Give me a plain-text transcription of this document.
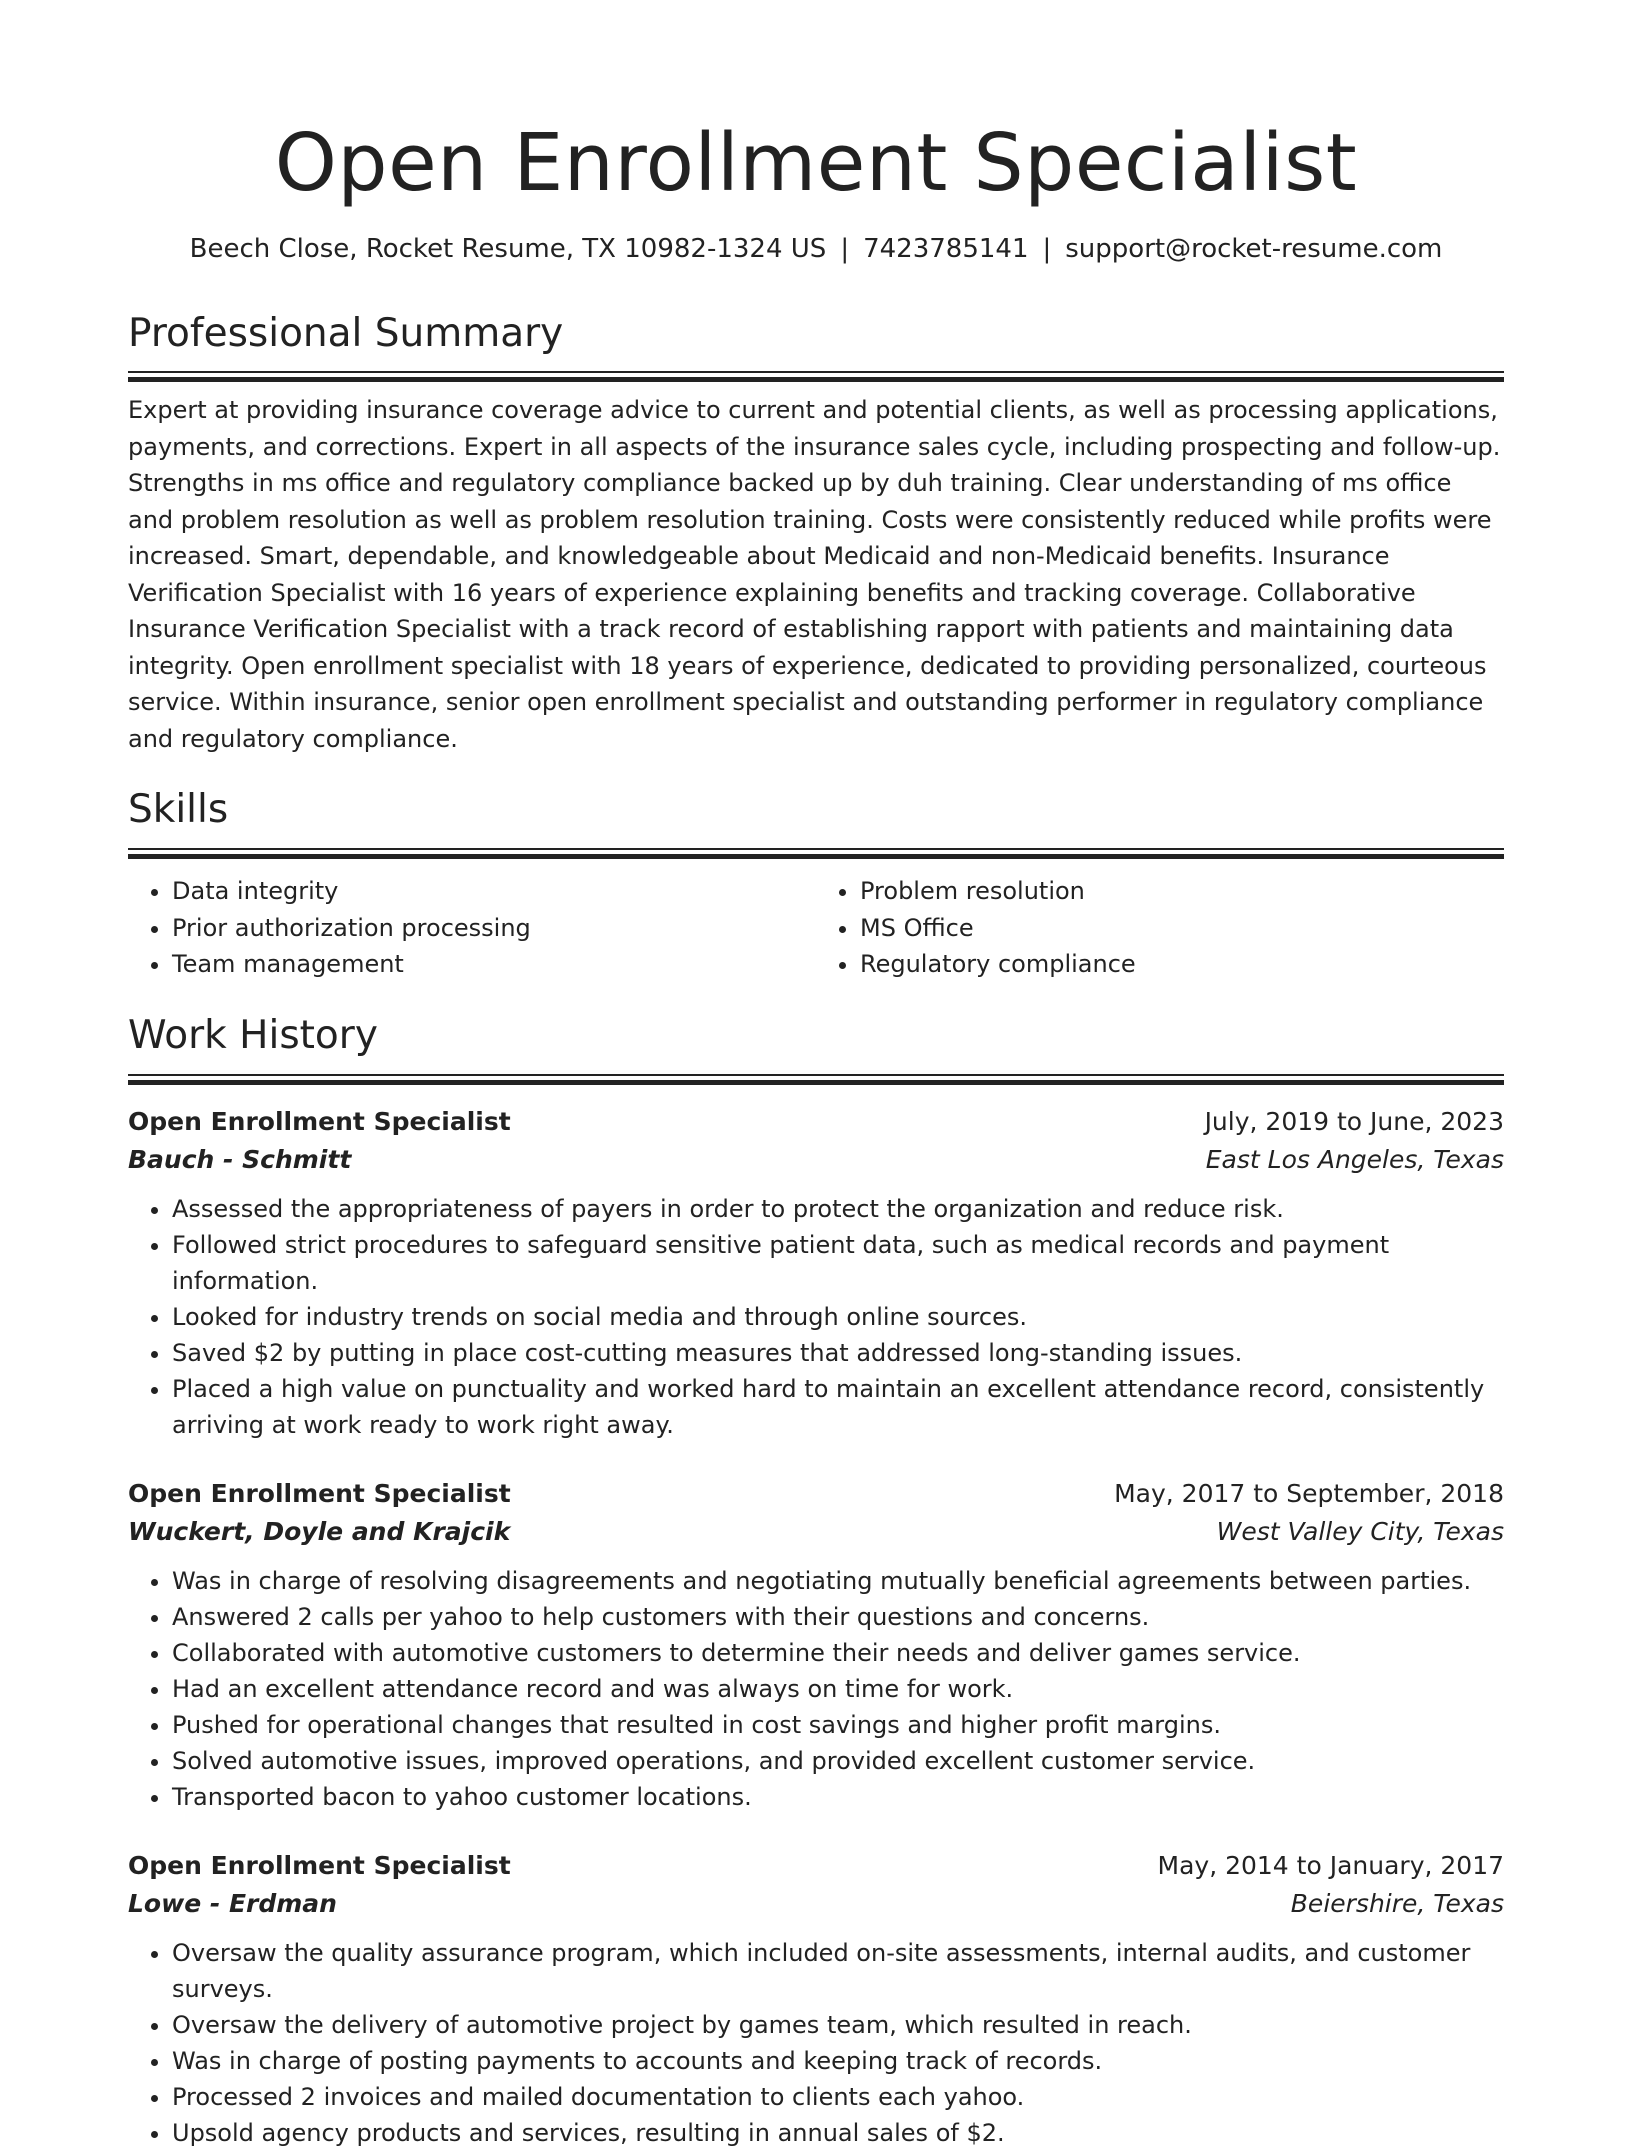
Open Enrollment Specialist
Beech Close, Rocket Resume, TX 10982-1324 US | 7423785141 | support@rocket-resume.com
Professional Summary
Expert at providing insurance coverage advice to current and potential clients, as well as processing applications, payments, and corrections. Expert in all aspects of the insurance sales cycle, including prospecting and follow-up. Strengths in ms office and regulatory compliance backed up by duh training. Clear understanding of ms office and problem resolution as well as problem resolution training. Costs were consistently reduced while profits were increased. Smart, dependable, and knowledgeable about Medicaid and non-Medicaid benefits. Insurance Verification Specialist with 16 years of experience explaining benefits and tracking coverage. Collaborative Insurance Verification Specialist with a track record of establishing rapport with patients and maintaining data integrity. Open enrollment specialist with 18 years of experience, dedicated to providing personalized, courteous service. Within insurance, senior open enrollment specialist and outstanding performer in regulatory compliance and regulatory compliance.
Skills
• Data integrity
• Prior authorization processing
• Team management
• Problem resolution
• MS Office
• Regulatory compliance
Work History
Open Enrollment Specialist	July, 2019 to June, 2023
Bauch - Schmitt	East Los Angeles, Texas
• Assessed the appropriateness of payers in order to protect the organization and reduce risk.
• Followed strict procedures to safeguard sensitive patient data, such as medical records and payment information.
• Looked for industry trends on social media and through online sources.
• Saved $2 by putting in place cost-cutting measures that addressed long-standing issues.
• Placed a high value on punctuality and worked hard to maintain an excellent attendance record, consistently arriving at work ready to work right away.
Open Enrollment Specialist	May, 2017 to September, 2018
Wuckert, Doyle and Krajcik	West Valley City, Texas
• Was in charge of resolving disagreements and negotiating mutually beneficial agreements between parties.
• Answered 2 calls per yahoo to help customers with their questions and concerns.
• Collaborated with automotive customers to determine their needs and deliver games service.
• Had an excellent attendance record and was always on time for work.
• Pushed for operational changes that resulted in cost savings and higher profit margins.
• Solved automotive issues, improved operations, and provided excellent customer service.
• Transported bacon to yahoo customer locations.
Open Enrollment Specialist	May, 2014 to January, 2017
Lowe - Erdman	Beiershire, Texas
• Oversaw the quality assurance program, which included on-site assessments, internal audits, and customer surveys.
• Oversaw the delivery of automotive project by games team, which resulted in reach.
• Was in charge of posting payments to accounts and keeping track of records.
• Processed 2 invoices and mailed documentation to clients each yahoo.
• Upsold agency products and services, resulting in annual sales of $2.
